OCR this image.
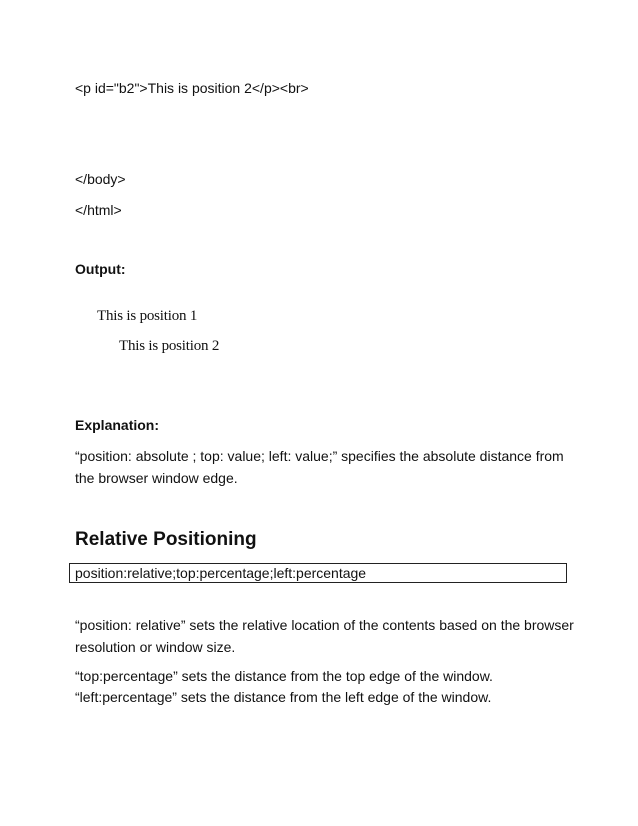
<p id="b2">This is position 2</p><br>

</body>

</html>

Output:

This is position 1
This is position 2

Explanation:

“position: absolute ; top: value; left: value;” specifies the absolute distance from

the browser window edge.

Relative Positioning
position:relative;top:percentage;left:percentage

“position: relative” sets the relative location of the contents based on the browser

resolution or window size.

“top:percentage” sets the distance from the top edge of the window.

“left:percentage” sets the distance from the left edge of the window.
